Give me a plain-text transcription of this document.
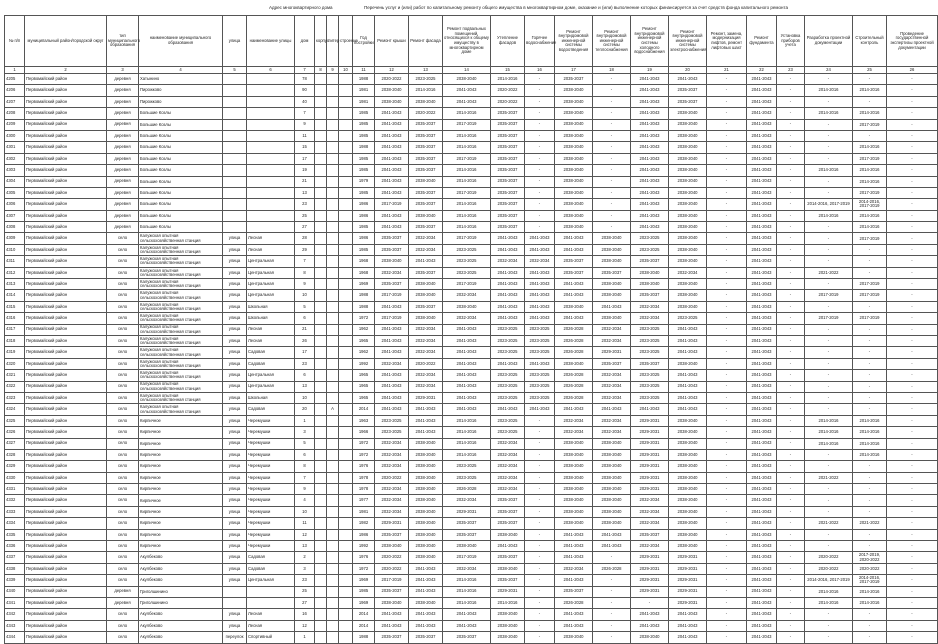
Адрес многоквартирного дома	Перечень услуг и (или) работ по капитальному ремонту общего имущества в многоквартирном доме, оказание и (или) выполнение которых финансируется за счет средств фонда капитального ремонта
№ п/п	муниципальный район/городской округ	тип муниципального образования	наименование муниципального образования	улица	наименование улицы	дом	корпус	литер	строение	Год постройки	Ремонт крыши	Ремонт фасада	Ремонт подвальных помещений, относящихся к общему имуществу в многоквартирном доме	Утепление фасадов	Горячее водоснабжение	Ремонт внутридомовой инженерной системы водоотведения	Ремонт внутридомовой инженерной системы теплоснабжения	Ремонт внутридомовой инженерной системы холодного водоснабжения	Ремонт внутридомовой инженерной системы электроснабжения	Ремонт, замена, модернизация лифтов, ремонт лифтовых шахт	Ремонт фундамента	Установка приборов учета	Разработка проектной документации	Строительный контроль	Проведение государственной экспертизы проектной документации
1	2	3	4	5	6	7	8	9	10	11	12	13	14	15	16	17	18	19	20	21	22	23	24	25	26
4205	Первомайский район	деревня	Хатынино			78				1988	2020-2022	2023-2025	2038-2040	2014-2016	-	2035-2037	-	2041-2043	2041-2043	-	2041-2043	-	-	-	-
4206	Первомайский район	деревня	Пирожково			90				1981	2038-2040	2014-2016	2041-2043	2020-2022	-	2038-2040	-	2041-2043	2035-2037	-	2041-2043	-	2014-2016	2014-2016	-
4207	Первомайский район	деревня	Пирожково			40				1981	2038-2040	2038-2040	2041-2043	2020-2022	-	2038-2040	-	2041-2043	2035-2037	-	2041-2043	-	-	-	-
4208	Первомайский район	деревня	Большие Козлы			7				1985	2041-2043	2020-2022	2014-2016	2035-2037	-	2038-2040	-	2041-2043	2038-2040	-	2041-2043	-	2014-2016	2014-2016	-
4209	Первомайский район	деревня	Большие Козлы			9				1985	2041-2043	2035-2037	2017-2019	2035-2037	-	2038-2040	-	2041-2043	2038-2040	-	2041-2043	-	-	2017-2019	-
4300	Первомайский район	деревня	Большие Козлы			11				1985	2041-2043	2035-2037	2014-2016	2035-2037	-	2038-2040	-	2041-2043	2038-2040	-	2041-2043	-	-	-	-
4301	Первомайский район	деревня	Большие Козлы			15				1988	2041-2043	2035-2037	2014-2016	2035-2037	-	2038-2040	-	2041-2043	2038-2040	-	2041-2043	-	-	2014-2016	-
4302	Первомайский район	деревня	Большие Козлы			17				1985	2041-2043	2035-2037	2017-2019	2035-2037	-	2038-2040	-	2041-2043	2038-2040	-	2041-2043	-	-	2017-2019	-
4303	Первомайский район	деревня	Большие Козлы			19				1985	2041-2043	2035-2037	2014-2016	2035-2037	-	2038-2040	-	2041-2043	2038-2040	-	2041-2043	-	2014-2016	2014-2016	-
4304	Первомайский район	деревня	Большие Козлы			21				1979	2041-2043	2038-2040	2014-2016	2035-2037	-	2038-2040	-	2041-2043	2038-2040	-	2041-2043	-	-	2014-2016	-
4305	Первомайский район	деревня	Большие Козлы			13				1985	2041-2043	2035-2037	2017-2019	2035-2037	-	2038-2040	-	2041-2043	2038-2040	-	2041-2043	-	-	2017-2019	-
4306	Первомайский район	деревня	Большие Козлы			23				1986	2017-2019	2035-2037	2014-2016	2035-2037	-	2038-2040	-	2041-2043	2038-2040	-	2041-2043	-	2014-2016, 2017-2019	2014-2016, 2017-2019	-
4307	Первомайский район	деревня	Большие Козлы			25				1986	2041-2043	2038-2040	2014-2016	2035-2037	-	2038-2040	-	2041-2043	2038-2040	-	2041-2043	-	2014-2016	2014-2016	-
4308	Первомайский район	деревня	Большие Козлы			27				1985	2041-2043	2035-2037	2014-2016	2035-2037	-	2038-2040	-	2041-2043	2038-2040	-	2041-2043	-	-	2014-2016	-
4309	Первомайский район	село	Калужская опытная сельскохозяйственная станция	улица	Лесная	28				1986	2035-2037	2032-2034	2017-2019	2041-2043	2041-2043	2041-2043	2038-2040	2023-2025	2038-2040	-	2041-2043	-	-	2017-2019	-
4310	Первомайский район	село	Калужская опытная сельскохозяйственная станция	улица	Лесная	29				1985	2035-2037	2032-2034	2023-2025	2041-2043	2041-2043	2041-2043	2038-2040	2023-2025	2038-2040	-	2041-2043	-	-	-	-
4311	Первомайский район	село	Калужская опытная сельскохозяйственная станция	улица	Центральная	7				1968	2038-2040	2041-2043	2023-2025	2032-2034	2032-2034	2035-2037	2038-2040	2035-2037	2038-2040	-	2041-2043	-	-	-	-
4312	Первомайский район	село	Калужская опытная сельскохозяйственная станция	улица	Центральная	8				1968	2032-2034	2035-2037	2023-2025	2041-2043	2041-2043	2035-2037	2035-2037	2038-2040	2032-2034	-	2041-2043	-	2021-2022	-	-
4313	Первомайский район	село	Калужская опытная сельскохозяйственная станция	улица	Центральная	9				1969	2035-2037	2038-2040	2017-2019	2041-2043	2041-2043	2041-2043	2038-2040	2038-2040	2038-2040	-	2041-2043	-	-	2017-2019	-
4314	Первомайский район	село	Калужская опытная сельскохозяйственная станция	улица	Центральная	10				1988	2017-2019	2038-2040	2032-2034	2041-2043	2041-2043	2041-2043	2038-2040	2035-2037	2038-2040	-	2041-2043	-	2017-2019	2017-2019	-
4315	Первомайский район	село	Калужская опытная сельскохозяйственная станция	улица	Школьная	5				1988	2041-2043	2035-2037	2038-2040	2041-2043	2041-2043	2038-2040	2041-2043	2032-2034	2038-2040	-	2041-2043	-	-	-	-
4316	Первомайский район	село	Калужская опытная сельскохозяйственная станция	улица	Школьная	6				1972	2017-2019	2038-2040	2032-2034	2041-2043	2041-2043	2041-2043	2038-2040	2032-2034	2023-2025	-	2041-2043	-	2017-2019	2017-2019	-
4317	Первомайский район	село	Калужская опытная сельскохозяйственная станция	улица	Лесная	21				1962	2041-2043	2032-2034	2041-2043	2023-2025	2023-2025	2026-2028	2032-2034	2023-2025	2041-2043	-	2041-2043	-	-	-	-
4318	Первомайский район	село	Калужская опытная сельскохозяйственная станция	улица	Лесная	26				1965	2041-2043	2032-2034	2041-2043	2023-2025	2023-2025	2026-2028	2032-2034	2023-2025	2041-2043	-	2041-2043	-	-	-	-
4319	Первомайский район	село	Калужская опытная сельскохозяйственная станция	улица	Садовая	17				1962	2041-2043	2032-2034	2041-2043	2023-2025	2023-2025	2026-2028	2029-2031	2023-2025	2041-2043	-	2041-2043	-	-	-	-
4320	Первомайский район	село	Калужская опытная сельскохозяйственная станция	улица	Садовая	23				1992	2032-2034	2020-2022	2041-2043	2041-2043	2041-2043	2038-2040	2035-2037	2035-2037	2038-2040	-	2041-2043	-	-	-	-
4321	Первомайский район	село	Калужская опытная сельскохозяйственная станция	улица	Центральная	6				1965	2041-2043	2032-2034	2041-2043	2023-2025	2023-2025	2026-2028	2032-2034	2023-2025	2041-2043	-	2041-2043	-	-	-	-
4322	Первомайский район	село	Калужская опытная сельскохозяйственная станция	улица	Центральная	13				1965	2041-2043	2032-2034	2041-2043	2023-2025	2023-2025	2026-2028	2032-2034	2023-2025	2041-2043	-	2041-2043	-	-	-	-
4323	Первомайский район	село	Калужская опытная сельскохозяйственная станция	улица	Школьная	10				1965	2041-2043	2029-2031	2041-2043	2023-2025	2023-2025	2026-2028	2032-2034	2023-2025	2041-2043	-	2041-2043	-	-	-	-
4324	Первомайский район	село	Калужская опытная сельскохозяйственная станция	улица	Садовая	20		А		2014	2041-2043	2041-2043	2041-2043	2041-2043	2041-2043	2041-2043	2041-2043	2041-2043	2041-2043	-	2041-2043	-	-	-	-
4325	Первомайский район	село	Кирпичное	улица	Черемушки	1				1963	2023-2025	2041-2043	2014-2016	2023-2025	-	2032-2034	2032-2034	2029-2031	2038-2040	-	2041-2043	-	2014-2016	2014-2016	-
4326	Первомайский район	село	Кирпичное	улица	Черемушки	3				1966	2023-2025	2041-2043	2014-2016	2023-2025	-	2032-2034	2032-2034	2029-2031	2038-2040	-	2041-2043	-	2014-2016	2014-2016	-
4327	Первомайский район	село	Кирпичное	улица	Черемушки	5				1972	2032-2034	2038-2040	2014-2016	2032-2034	-	2038-2040	2038-2040	2029-2031	2038-2040	-	2041-2043	-	2014-2016	2014-2016	-
4328	Первомайский район	село	Кирпичное	улица	Черемушки	6				1972	2032-2034	2038-2040	2014-2016	2032-2034	-	2038-2040	2038-2040	2029-2031	2038-2040	-	2041-2043	-	-	2014-2016	-
4329	Первомайский район	село	Кирпичное	улица	Черемушки	8				1976	2032-2034	2038-2040	2023-2025	2032-2034	-	2038-2040	2038-2040	2029-2031	2038-2040	-	2041-2043	-	-	-	-
4330	Первомайский район	село	Кирпичное	улица	Черемушки	7				1978	2020-2022	2038-2040	2023-2025	2032-2034	-	2038-2040	2038-2040	2029-2031	2038-2040	-	2041-2043	-	2021-2022	-	-
4331	Первомайский район	село	Кирпичное	улица	Черемушки	9				1978	2032-2034	2038-2040	2026-2028	2032-2034	-	2038-2040	2038-2040	2029-2031	2038-2040	-	2041-2043	-	-	-	-
4332	Первомайский район	село	Кирпичное	улица	Черемушки	4				1977	2032-2034	2038-2040	2032-2034	2035-2037	-	2038-2040	2038-2040	2032-2034	2038-2040	-	2041-2043	-	-	-	-
4333	Первомайский район	село	Кирпичное	улица	Черемушки	10				1981	2032-2034	2038-2040	2029-2031	2035-2037	-	2038-2040	2038-2040	2032-2034	2038-2040	-	2041-2043	-	-	-	-
4334	Первомайский район	село	Кирпичное	улица	Черемушки	11				1982	2029-2031	2038-2040	2035-2037	2035-2037	-	2038-2040	2038-2040	2032-2034	2038-2040	-	2041-2043	-	2021-2022	2021-2022	-
4335	Первомайский район	село	Кирпичное	улица	Черемушки	12				1986	2035-2037	2038-2040	2035-2037	2038-2040	-	2041-2043	2041-2043	2035-2037	2038-2040	-	2041-2043	-	-	-	-
4336	Первомайский район	село	Кирпичное	улица	Черемушки	13				1992	2038-2040	2038-2040	2038-2040	2041-2043	-	2041-2043	2041-2043	2032-2034	2038-2040	-	2041-2043	-	-	-	-
4337	Первомайский район	село	Акулбеково	улица	Садовая	2				1976	2020-2022	2038-2040	2017-2019	2035-2037	-	2041-2043	-	2029-2031	2029-2031	-	2041-2043	-	2020-2022	2017-2019, 2020-2022	-
4338	Первомайский район	село	Акулбеково	улица	Садовая	3				1972	2020-2022	2041-2043	2032-2034	2038-2040	-	2032-2034	2026-2028	2029-2031	2029-2031	-	2041-2043	-	2020-2022	2020-2022	-
4339	Первомайский район	село	Акулбеково	улица	Центральная	23				1969	2017-2019	2041-2043	2014-2016	2035-2037	-	2041-2043	-	2029-2031	2029-2031	-	2041-2043	-	2014-2016, 2017-2019	2014-2016, 2017-2019	-
4340	Первомайский район	деревня	Григолшинино			25				1985	2035-2037	2041-2043	2014-2016	2029-2031	-	2035-2037	-	2029-2031	2029-2031	-	2041-2043	-	2014-2016	2014-2016	-
4341	Первомайский район	деревня	Григолшинино			27				1969	2038-2040	2038-2040	2014-2016	2014-2016	-	2026-2028	-	-	2029-2031	-	2041-2043	-	2014-2016	2014-2016	-
4342	Первомайский район	село	Акулбеково	улица	Лесная	16				2014	2041-2043	2041-2043	2041-2043	2038-2040	-	2041-2043	-	2041-2043	2041-2043	-	2041-2043	-	-	-	-
4343	Первомайский район	село	Акулбеково	улица	Лесная	12				2014	2041-2043	2041-2043	2041-2043	2038-2040	-	2041-2043	-	2041-2043	2041-2043	-	2041-2043	-	-	-	-
4344	Первомайский район	село	Акулбеково	переулок	Спортивный	1				1988	2035-2037	2035-2037	2035-2037	2038-2040	-	2038-2040	-	2038-2040	2041-2043	-	2041-2043	-	-	-	-
